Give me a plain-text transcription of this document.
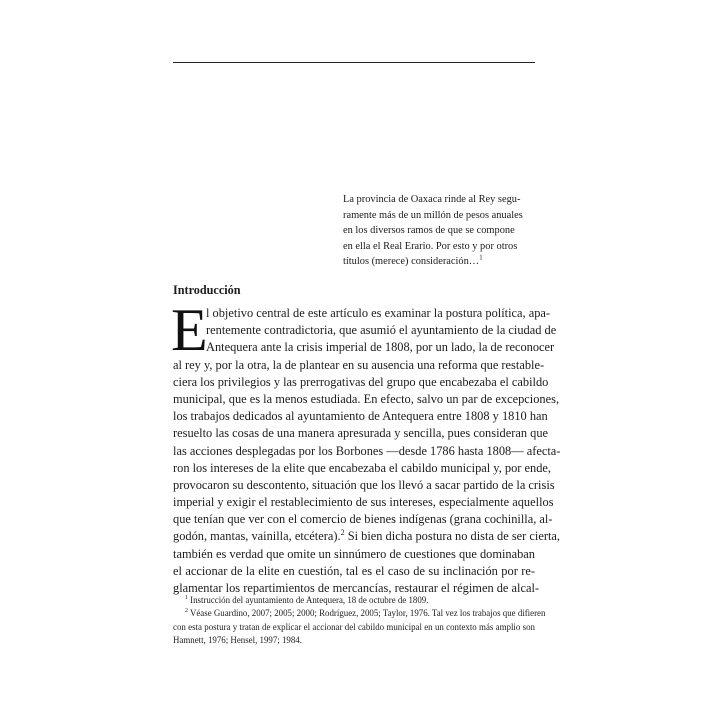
La provincia de Oaxaca rinde al Rey segu-
ramente más de un millón de pesos anuales
en los diversos ramos de que se compone
en ella el Real Erario. Por esto y por otros
títulos (merece) consideración…$^1$
Introducción
E
l objetivo central de este artículo es examinar la postura política, apa-
rentemente contradictoria, que asumió el ayuntamiento de la ciudad de
Antequera ante la crisis imperial de 1808, por un lado, la de reconocer
al rey y, por la otra, la de plantear en su ausencia una reforma que restable-
ciera los privilegios y las prerrogativas del grupo que encabezaba el cabildo
municipal, que es la menos estudiada. En efecto, salvo un par de excepciones,
los trabajos dedicados al ayuntamiento de Antequera entre 1808 y 1810 han
resuelto las cosas de una manera apresurada y sencilla, pues consideran que
las acciones desplegadas por los Borbones —desde 1786 hasta 1808— afecta-
ron los intereses de la elite que encabezaba el cabildo municipal y, por ende,
provocaron su descontento, situación que los llevó a sacar partido de la crisis
imperial y exigir el restablecimiento de sus intereses, especialmente aquellos
que tenían que ver con el comercio de bienes indígenas (grana cochinilla, al-
godón, mantas, vainilla, etcétera).$^2$ Si bien dicha postura no dista de ser cierta,
también es verdad que omite un sinnúmero de cuestiones que dominaban
el accionar de la elite en cuestión, tal es el caso de su inclinación por re-
glamentar los repartimientos de mercancías, restaurar el régimen de alcal-
$^1$ Instrucción del ayuntamiento de Antequera, 18 de octubre de 1809.
$^2$ Véase Guardino, 2007; 2005; 2000; Rodríguez, 2005; Taylor, 1976. Tal vez los trabajos que difieren
con esta postura y tratan de explicar el accionar del cabildo municipal en un contexto más amplio son
Hamnett, 1976; Hensel, 1997; 1984.
